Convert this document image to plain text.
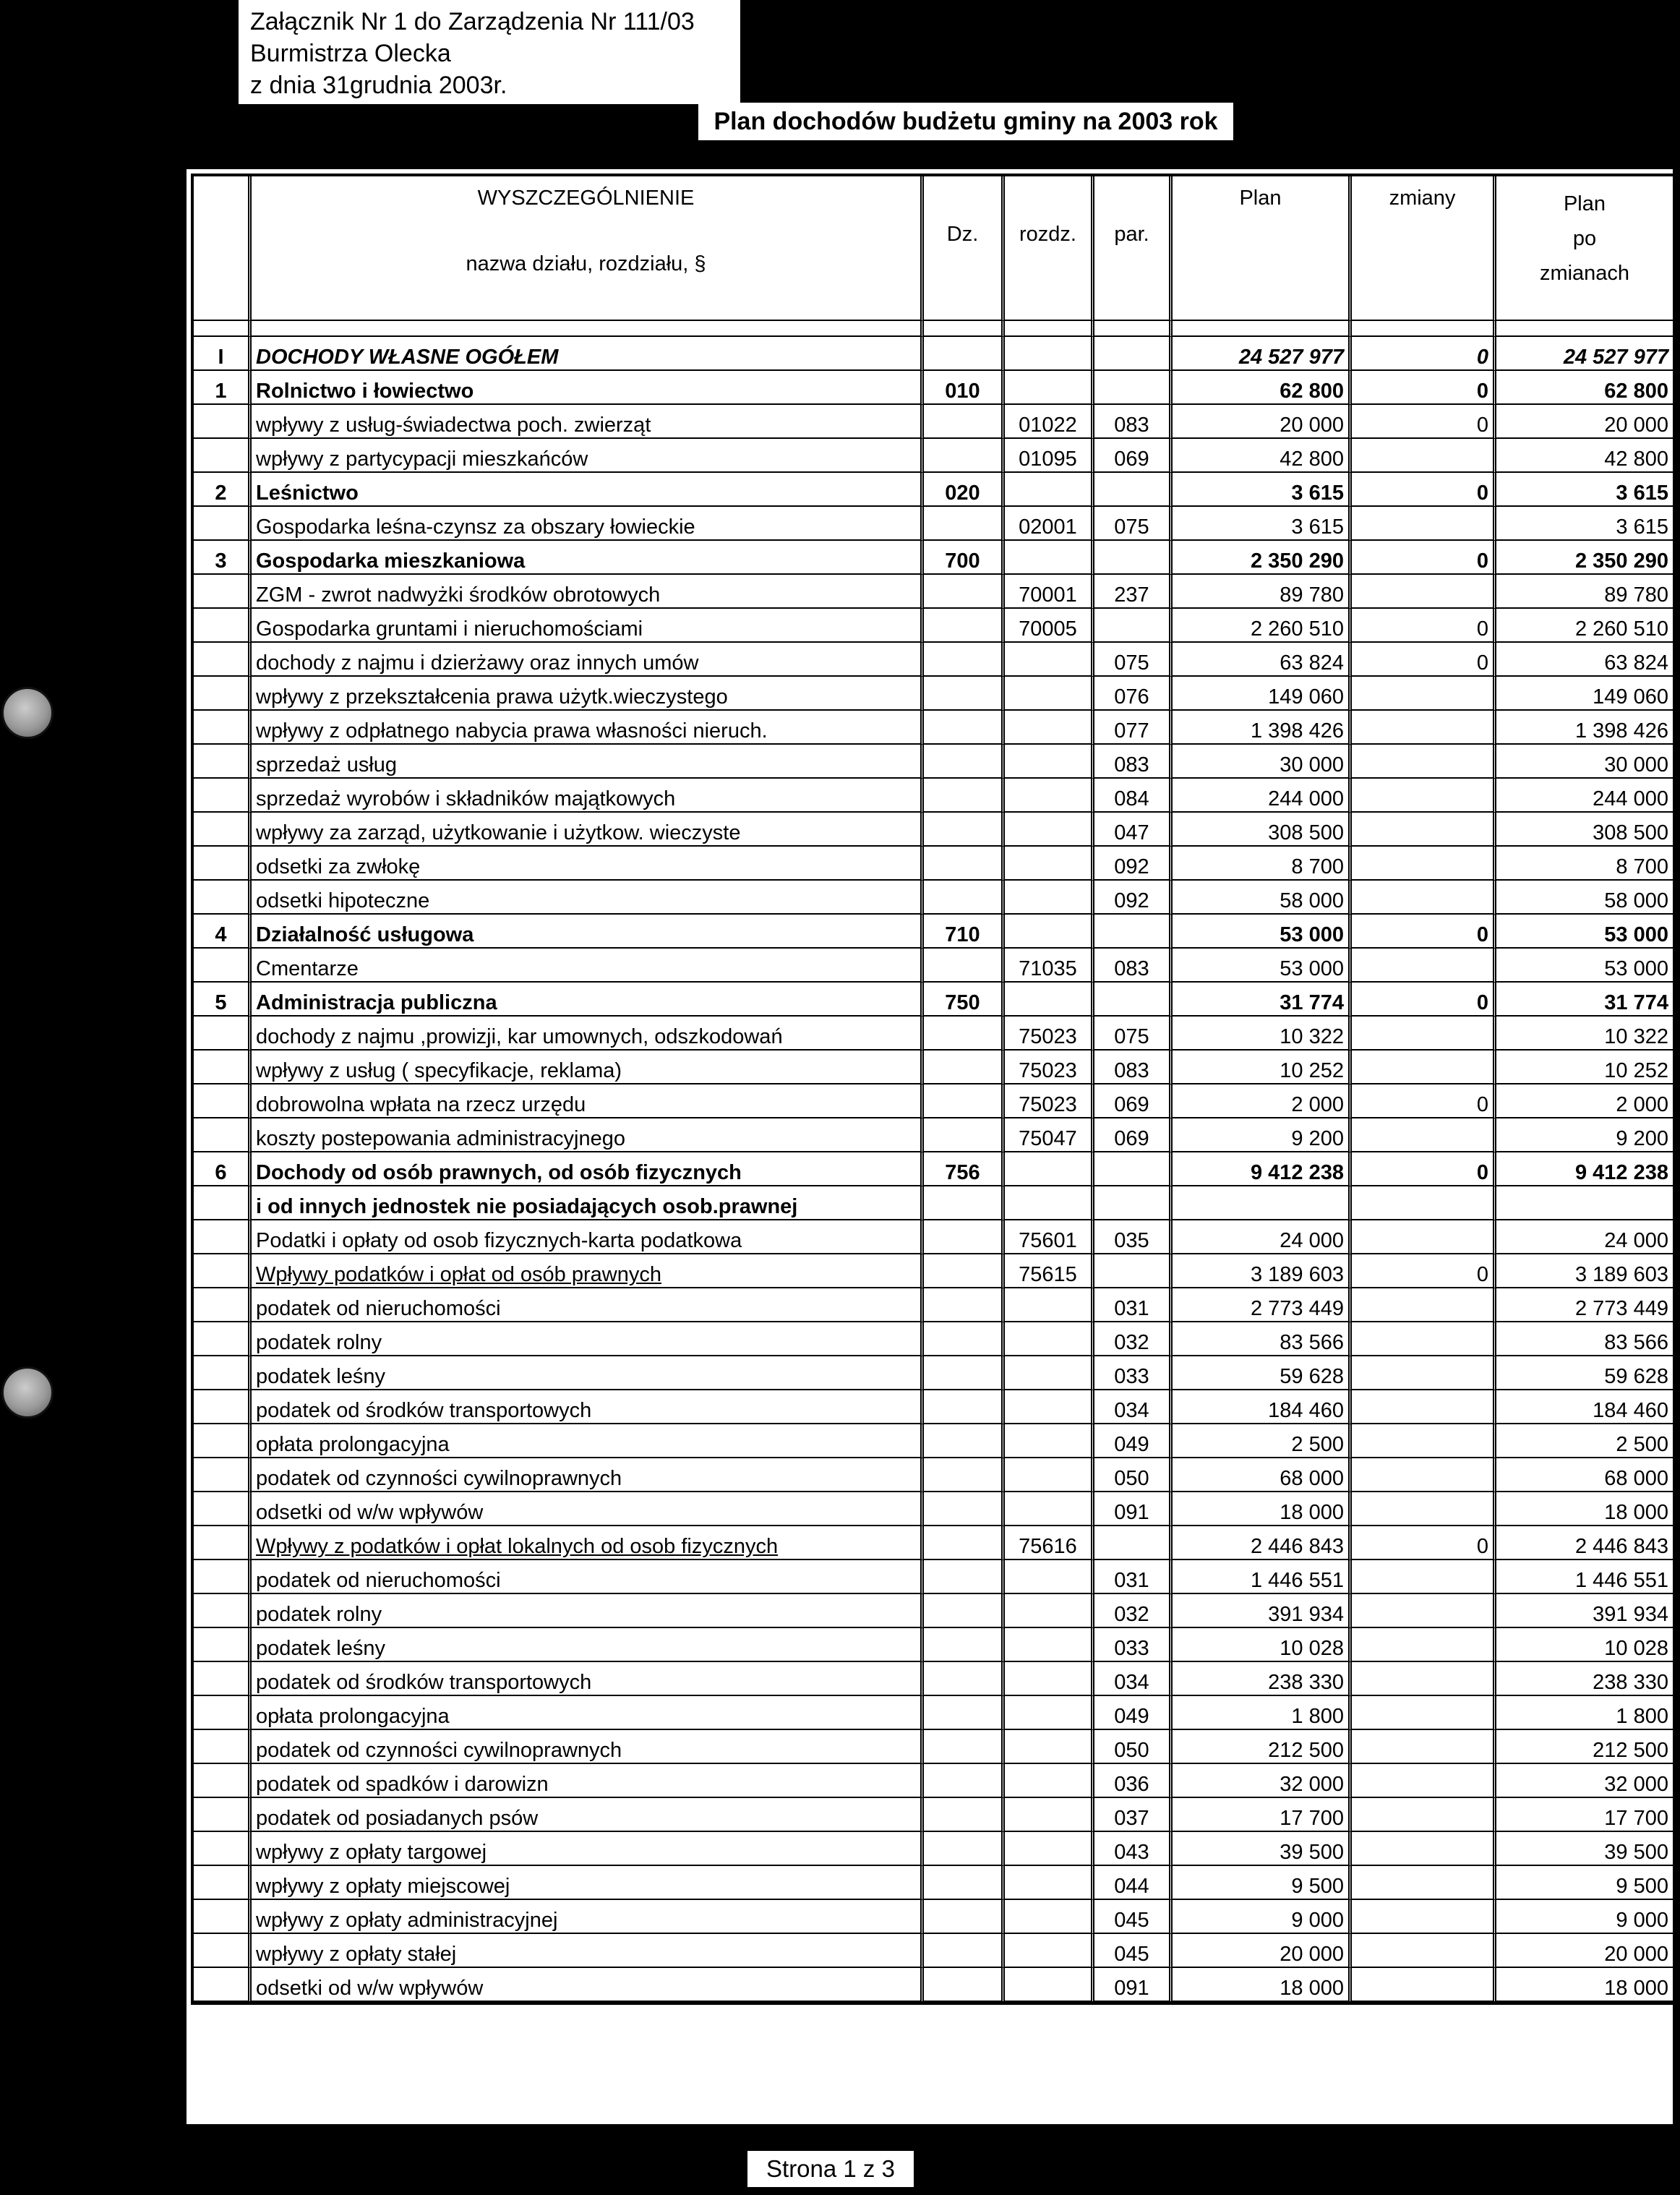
Załącznik Nr 1 do Zarządzenia Nr 111/03
Burmistrza Olecka
z dnia 31grudnia 2003r.
Plan dochodów budżetu gminy na 2003 rok

	WYSZCZEGÓLNIENIE
nazwa działu, rozdziału, §	Dz.	rozdz.	par.	Plan	zmiany	Plan
po
zmianach

I	DOCHODY WŁASNE OGÓŁEM				24 527 977	0	24 527 977
1	Rolnictwo i łowiectwo	010			62 800	0	62 800
	wpływy z usług-świadectwa poch. zwierząt		01022	083	20 000	0	20 000
	wpływy z partycypacji mieszkańców		01095	069	42 800		42 800
2	Leśnictwo	020			3 615	0	3 615
	Gospodarka leśna-czynsz za obszary łowieckie		02001	075	3 615		3 615
3	Gospodarka mieszkaniowa	700			2 350 290	0	2 350 290
	ZGM - zwrot nadwyżki środków obrotowych		70001	237	89 780		89 780
	Gospodarka gruntami i nieruchomościami		70005		2 260 510	0	2 260 510
	dochody z najmu i dzierżawy oraz innych umów			075	63 824	0	63 824
	wpływy z przekształcenia prawa użytk.wieczystego			076	149 060		149 060
	wpływy z odpłatnego nabycia prawa własności nieruch.			077	1 398 426		1 398 426
	sprzedaż usług			083	30 000		30 000
	sprzedaż wyrobów i składników majątkowych			084	244 000		244 000
	wpływy za zarząd, użytkowanie i użytkow. wieczyste			047	308 500		308 500
	odsetki za zwłokę			092	8 700		8 700
	odsetki hipoteczne			092	58 000		58 000
4	Działalność usługowa	710			53 000	0	53 000
	Cmentarze		71035	083	53 000		53 000
5	Administracja publiczna	750			31 774	0	31 774
	dochody z najmu ,prowizji, kar umownych, odszkodowań		75023	075	10 322		10 322
	wpływy z usług ( specyfikacje, reklama)		75023	083	10 252		10 252
	dobrowolna wpłata na rzecz urzędu		75023	069	2 000	0	2 000
	koszty postepowania administracyjnego		75047	069	9 200		9 200
6	Dochody od osób prawnych, od osób fizycznych	756			9 412 238	0	9 412 238
	i od innych jednostek nie posiadających osob.prawnej						
	Podatki i opłaty od osob fizycznych-karta podatkowa		75601	035	24 000		24 000
	Wpływy podatków i opłat od osób prawnych		75615		3 189 603	0	3 189 603
	podatek od nieruchomości			031	2 773 449		2 773 449
	podatek rolny			032	83 566		83 566
	podatek leśny			033	59 628		59 628
	podatek od środków transportowych			034	184 460		184 460
	opłata prolongacyjna			049	2 500		2 500
	podatek od czynności cywilnoprawnych			050	68 000		68 000
	odsetki od w/w wpływów			091	18 000		18 000
	Wpływy z podatków i opłat lokalnych od osob fizycznych		75616		2 446 843	0	2 446 843
	podatek od nieruchomości			031	1 446 551		1 446 551
	podatek rolny			032	391 934		391 934
	podatek leśny			033	10 028		10 028
	podatek od środków transportowych			034	238 330		238 330
	opłata prolongacyjna			049	1 800		1 800
	podatek od czynności cywilnoprawnych			050	212 500		212 500
	podatek od spadków i darowizn			036	32 000		32 000
	podatek od posiadanych psów			037	17 700		17 700
	wpływy z opłaty targowej			043	39 500		39 500
	wpływy z opłaty miejscowej			044	9 500		9 500
	wpływy z opłaty administracyjnej			045	9 000		9 000
	wpływy z opłaty stałej			045	20 000		20 000
	odsetki od w/w wpływów			091	18 000		18 000
Strona 1 z 3
